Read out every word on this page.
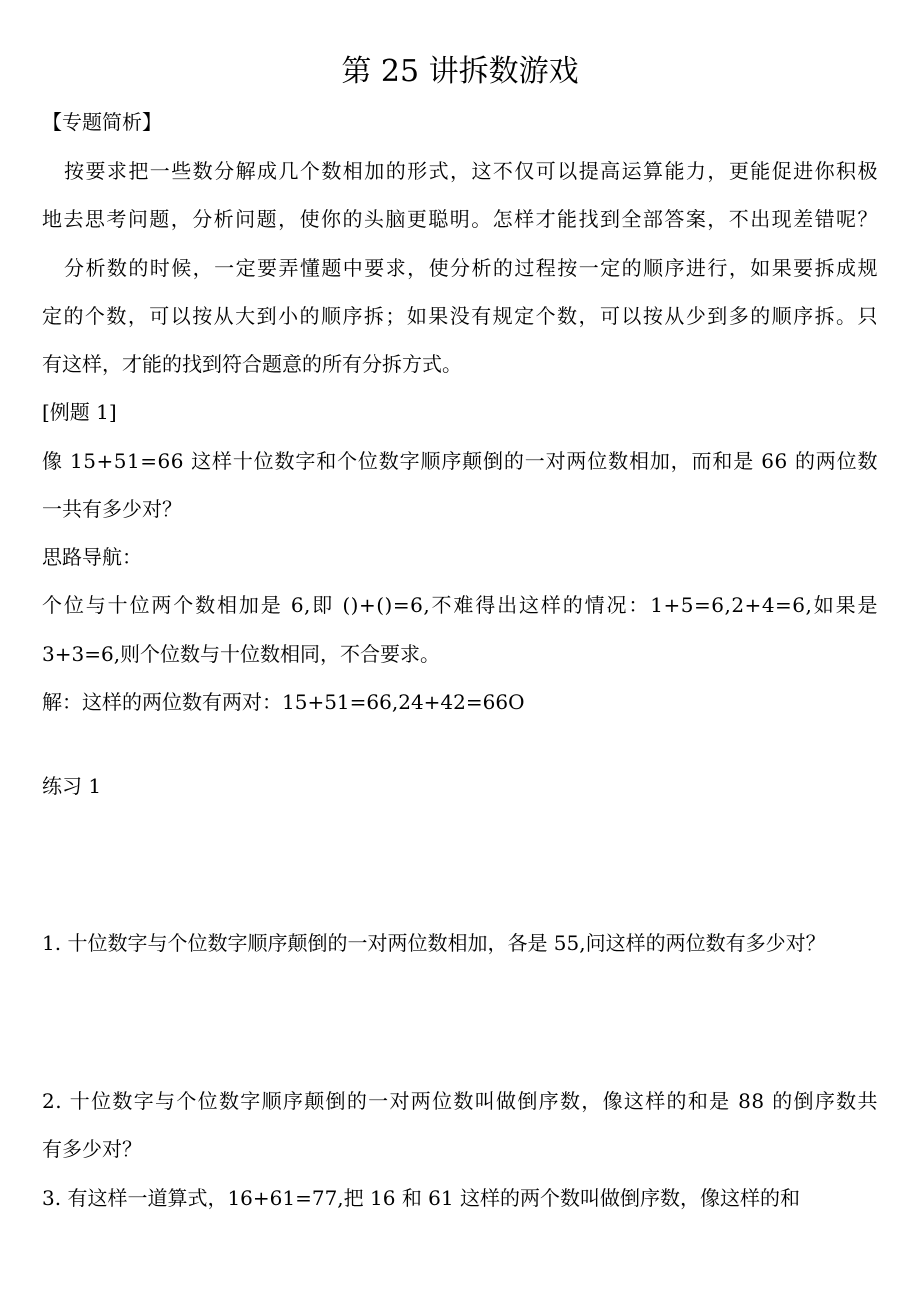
第 25 讲拆数游戏
【专题简析】
按要求把一些数分解成几个数相加的形式，这不仅可以提高运算能力，更能促进你积极
地去思考问题，分析问题，使你的头脑更聪明。怎样才能找到全部答案，不出现差错呢？
分析数的时候，一定要弄懂题中要求，使分析的过程按一定的顺序进行，如果要拆成规
定的个数，可以按从大到小的顺序拆；如果没有规定个数，可以按从少到多的顺序拆。只
有这样，才能的找到符合题意的所有分拆方式。
[例题 1]
像 15+51=66 这样十位数字和个位数字顺序颠倒的一对两位数相加，而和是 66 的两位数
一共有多少对？
思路导航：
个位与十位两个数相加是 6,即 ()+()=6,不难得出这样的情况：1+5=6,2+4=6,如果是
3+3=6,则个位数与十位数相同，不合要求。
解：这样的两位数有两对：15+51=66,24+42=66O
练习 1
1. 十位数字与个位数字顺序颠倒的一对两位数相加，各是 55,问这样的两位数有多少对？
2. 十位数字与个位数字顺序颠倒的一对两位数叫做倒序数，像这样的和是 88 的倒序数共
有多少对？
3. 有这样一道算式，16+61=77,把 16 和 61 这样的两个数叫做倒序数，像这样的和
